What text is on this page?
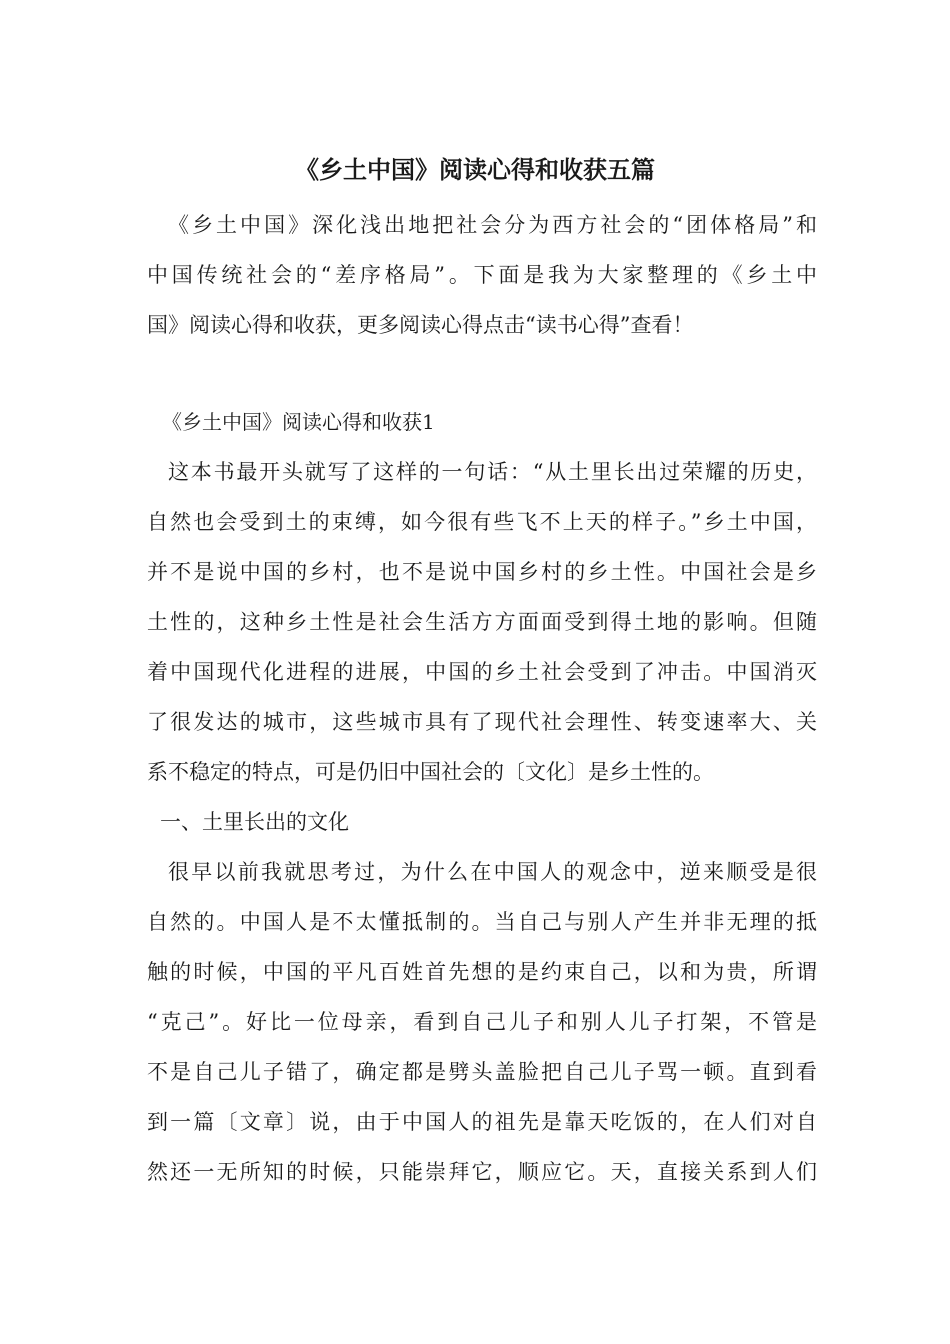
《乡土中国》阅读心得和收获五篇

《乡土中国》深化浅出地把社会分为西方社会的“团体格局”和

中国传统社会的“差序格局”。下面是我为大家整理的《乡土中

国》阅读心得和收获，更多阅读心得点击“读书心得”查看！

《乡土中国》阅读心得和收获1

这本书最开头就写了这样的一句话：“从土里长出过荣耀的历史，

自然也会受到土的束缚，如今很有些飞不上天的样子。”乡土中国，

并不是说中国的乡村，也不是说中国乡村的乡土性。中国社会是乡

土性的，这种乡土性是社会生活方方面面受到得土地的影响。但随

着中国现代化进程的进展，中国的乡土社会受到了冲击。中国消灭

了很发达的城市，这些城市具有了现代社会理性、转变速率大、关

系不稳定的特点，可是仍旧中国社会的〔文化〕是乡土性的。

一、土里长出的文化

很早以前我就思考过，为什么在中国人的观念中，逆来顺受是很

自然的。中国人是不太懂抵制的。当自己与别人产生并非无理的抵

触的时候，中国的平凡百姓首先想的是约束自己，以和为贵，所谓

“克己”。好比一位母亲，看到自己儿子和别人儿子打架，不管是

不是自己儿子错了，确定都是劈头盖脸把自己儿子骂一顿。直到看

到一篇〔文章〕说，由于中国人的祖先是靠天吃饭的，在人们对自

然还一无所知的时候，只能崇拜它，顺应它。天，直接关系到人们
